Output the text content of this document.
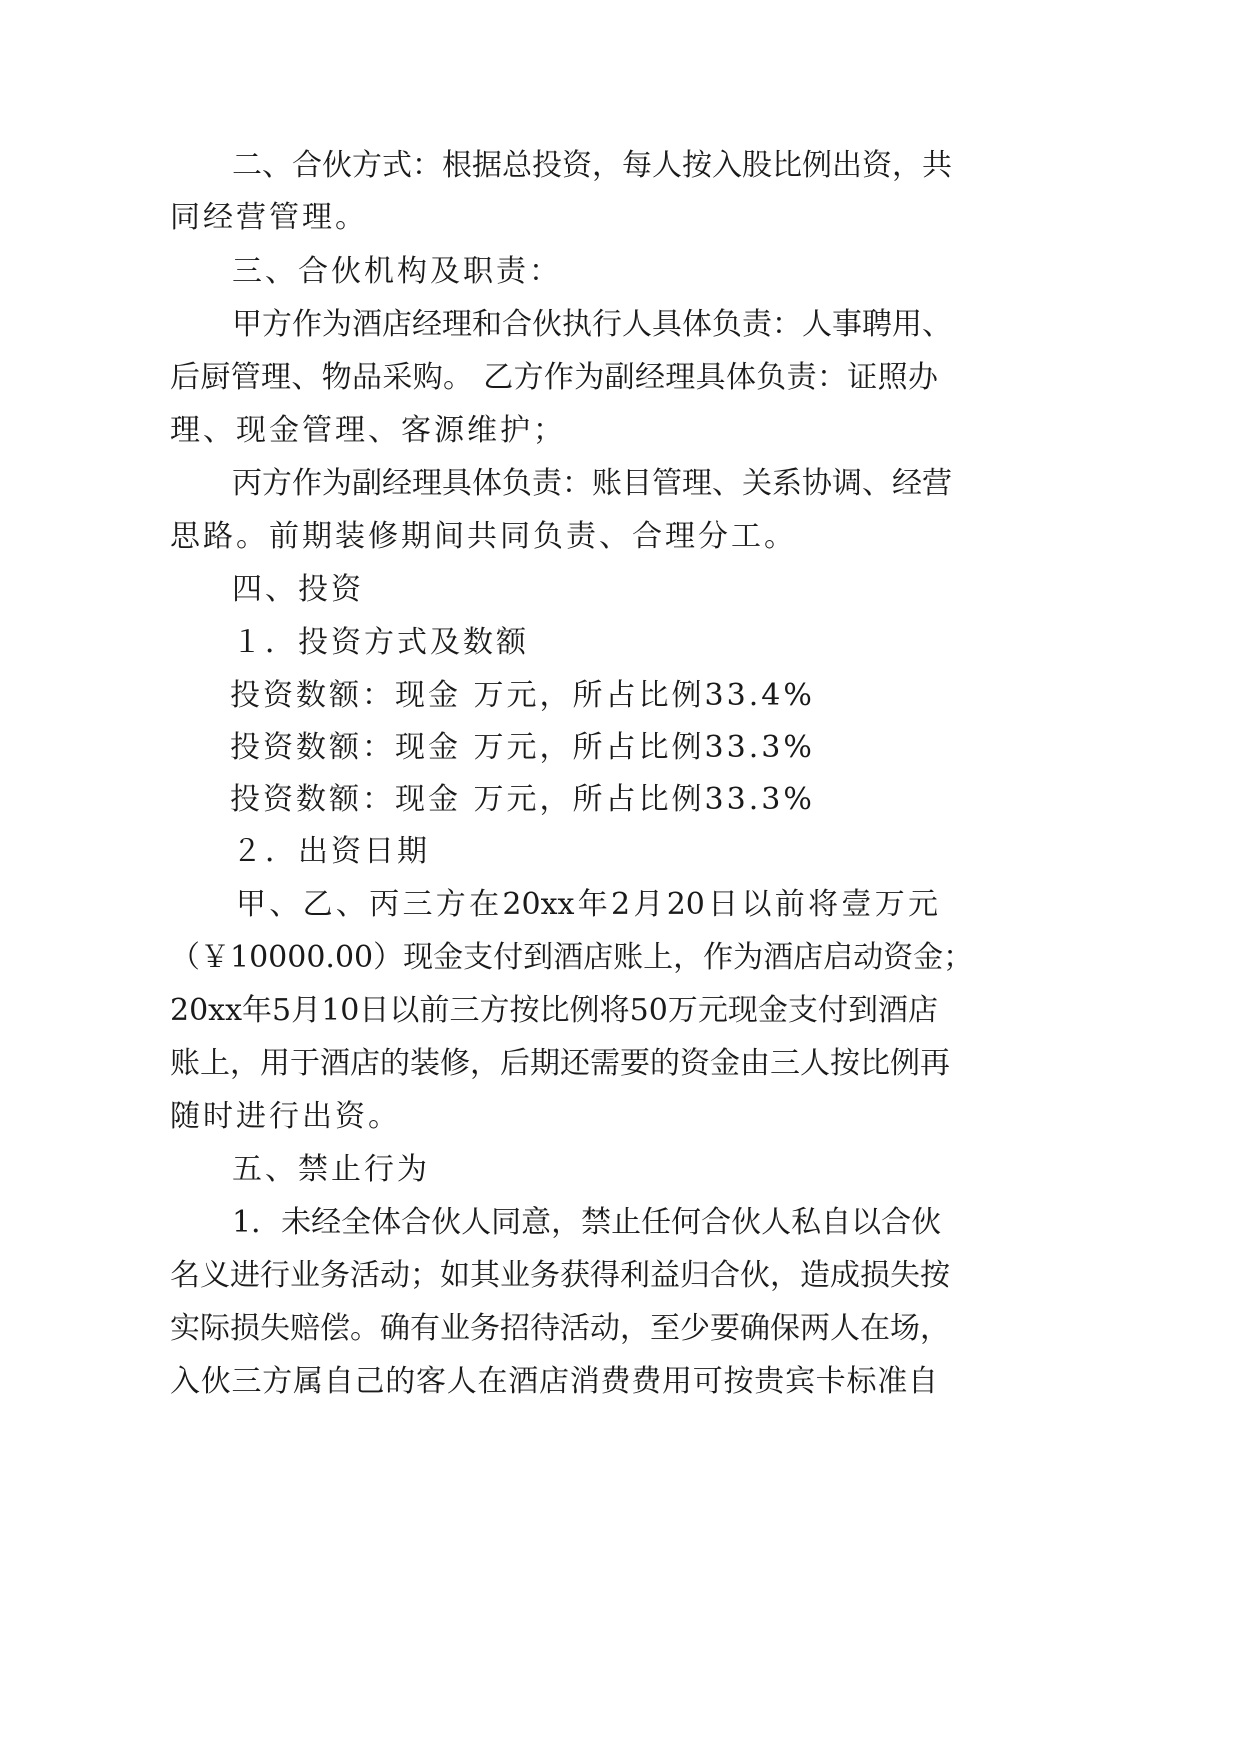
二、合伙方式：根据总投资，每人按入股比例出资，共
同经营管理。
三、合伙机构及职责：
甲方作为酒店经理和合伙执行人具体负责：人事聘用、
后厨管理、物品采购。 乙方作为副经理具体负责：证照办
理、现金管理、客源维护；
丙方作为副经理具体负责：账目管理、关系协调、经营
思路。前期装修期间共同负责、合理分工。
四、投资
１．投资方式及数额
投资数额：现金 万元，所占比例33.4%
投资数额：现金 万元，所占比例33.3%
投资数额：现金 万元，所占比例33.3%
２．出资日期
甲、乙、丙三方在20xx年2月20日以前将壹万元
（￥10000.00）现金支付到酒店账上，作为酒店启动资金；
20xx年5月10日以前三方按比例将50万元现金支付到酒店
账上，用于酒店的装修，后期还需要的资金由三人按比例再
随时进行出资。
五、禁止行为
1．未经全体合伙人同意，禁止任何合伙人私自以合伙
名义进行业务活动；如其业务获得利益归合伙，造成损失按
实际损失赔偿。确有业务招待活动，至少要确保两人在场，
入伙三方属自己的客人在酒店消费费用可按贵宾卡标准自
